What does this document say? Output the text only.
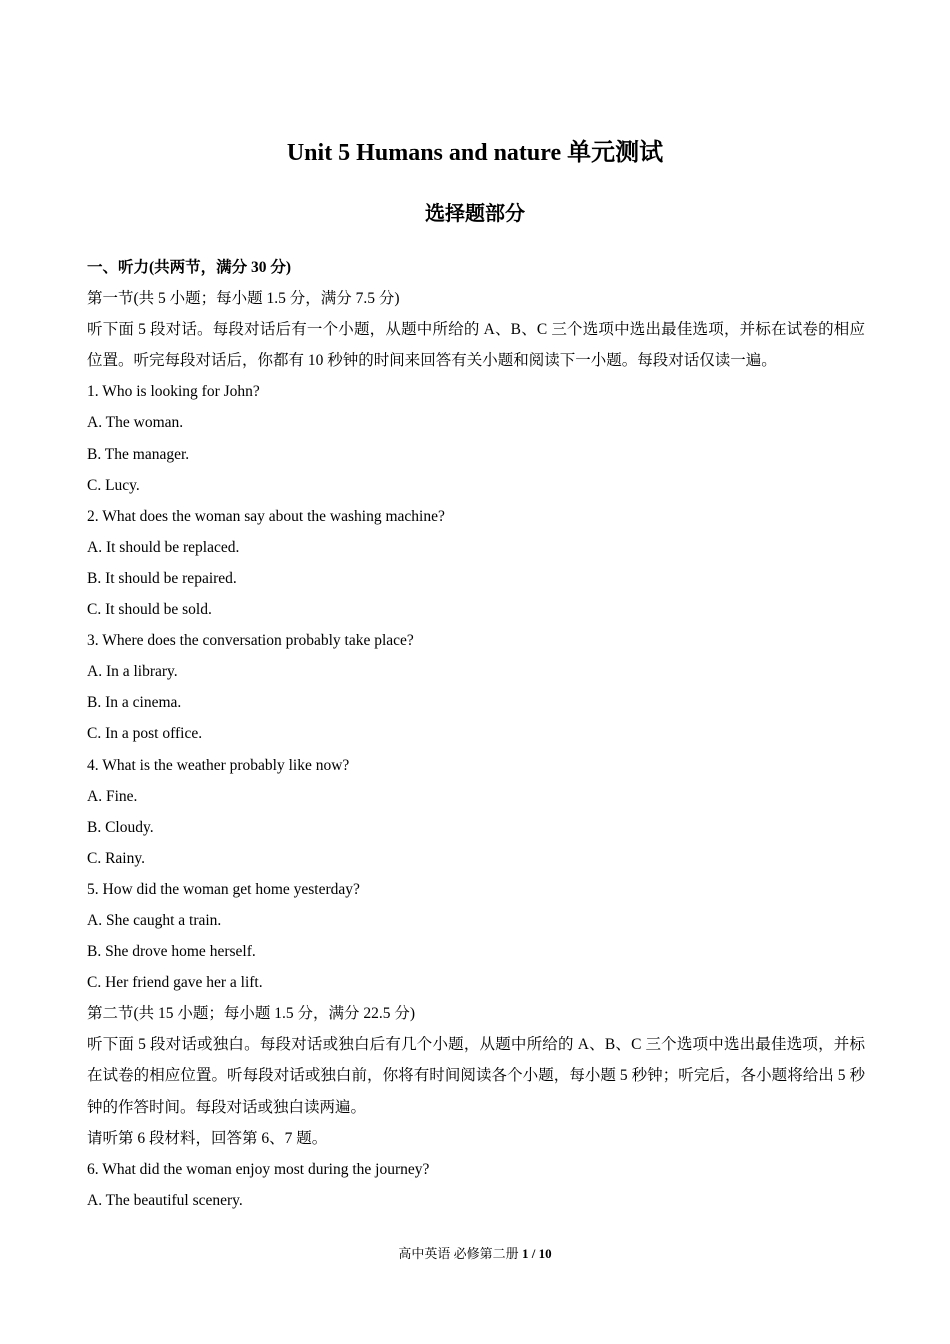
Unit 5 Humans and nature 单元测试
选择题部分
一、听力(共两节，满分 30 分)
第一节(共 5 小题；每小题 1.5 分，满分 7.5 分)
听下面 5 段对话。每段对话后有一个小题，从题中所给的 A、B、C 三个选项中选出最佳选项，并标在试卷的相应位置。听完每段对话后，你都有 10 秒钟的时间来回答有关小题和阅读下一小题。每段对话仅读一遍。
1. Who is looking for John?
A. The woman.
B. The manager.
C. Lucy.
2. What does the woman say about the washing machine?
A. It should be replaced.
B. It should be repaired.
C. It should be sold.
3. Where does the conversation probably take place?
A. In a library.
B. In a cinema.
C. In a post office.
4. What is the weather probably like now?
A. Fine.
B. Cloudy.
C. Rainy.
5. How did the woman get home yesterday?
A. She caught a train.
B. She drove home herself.
C. Her friend gave her a lift.
第二节(共 15 小题；每小题 1.5 分，满分 22.5 分)
听下面 5 段对话或独白。每段对话或独白后有几个小题，从题中所给的 A、B、C 三个选项中选出最佳选项，并标在试卷的相应位置。听每段对话或独白前，你将有时间阅读各个小题，每小题 5 秒钟；听完后，各小题将给出 5 秒钟的作答时间。每段对话或独白读两遍。
请听第 6 段材料，回答第 6、7 题。
6. What did the woman enjoy most during the journey?
A. The beautiful scenery.
高中英语 必修第二册 1 / 10
